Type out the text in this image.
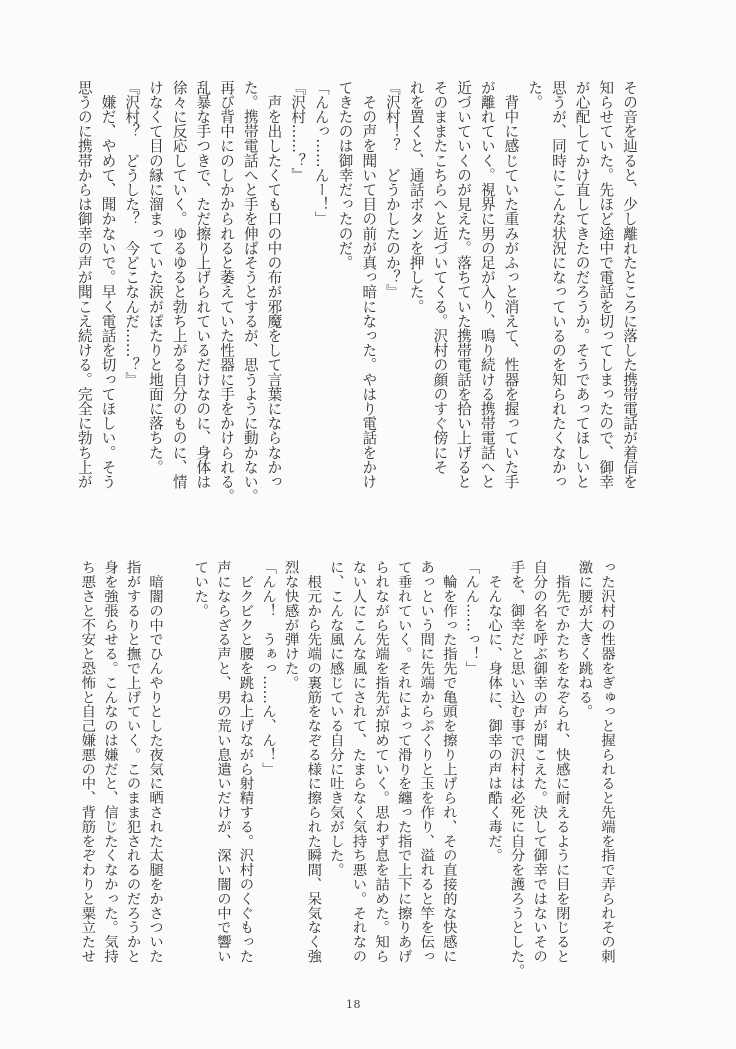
その音を辿ると、少し離れたところに落した携帯電話が着信を
知らせていた。先ほど途中で電話を切ってしまったので、御幸
が心配してかけ直してきたのだろうか。そうであってほしいと
思うが、同時にこんな状況になっているのを知られたくなかっ
た。
　背中に感じていた重みがふっと消えて、性器を握っていた手
が離れていく。視界に男の足が入り、鳴り続ける携帯電話へと
近づいていくのが見えた。落ちていた携帯電話を拾い上げると
そのままたこちらへと近づいてくる。沢村の顔のすぐ傍にそ
れを置くと、通話ボタンを押した。
『沢村！？　どうかしたのか？』
　その声を聞いて目の前が真っ暗になった。やはり電話をかけ
てきたのは御幸だったのだ。
「んんっ……んー！」
『沢村……？』
　声を出したくても口の中の布が邪魔をして言葉にならなかっ
た。携帯電話へと手を伸ばそうとするが、思うように動かない。
再び背中にのしかかられると萎えていた性器に手をかけられる。
乱暴な手つきで、ただ擦り上げられているだけなのに、身体は
徐々に反応していく。ゆるゆると勃ち上がる自分のものに、情
けなくて目の縁に溜まっていた涙がぽたりと地面に落ちた。
『沢村？　どうした？　今どこなんだ……？』
　嫌だ、やめて、聞かないで。早く電話を切ってほしい。そう
思うのに携帯からは御幸の声が聞こえ続ける。完全に勃ち上が
った沢村の性器をぎゅっと握られると先端を指で弄られその刺
激に腰が大きく跳ねる。
　指先でかたちをなぞられ、快感に耐えるように目を閉じると
自分の名を呼ぶ御幸の声が聞こえた。決して御幸ではないその
手を、御幸だと思い込む事で沢村は必死に自分を護ろうとした。
　そんな心に、身体に、御幸の声は酷く毒だ。
「んん……っ！」
　輪を作った指先で亀頭を擦り上げられ、その直接的な快感に
あっという間に先端からぷくりと玉を作り、溢れると竿を伝っ
て垂れていく。それによって滑りを纏った指で上下に擦りあげ
られながら先端を指先が掠めていく。思わず息を詰めた。知ら
ない人にこんな風にされて、たまらなく気持ち悪い。それなの
に、こんな風に感じている自分に吐き気がした。
　根元から先端の裏筋をなぞる様に擦られた瞬間、呆気なく強
烈な快感が弾けた。
「んん！　うぁっ……ん、ん！」
　ビクビクと腰を跳ね上げながら射精する。沢村のくぐもった
声にならざる声と、男の荒い息遣いだけが、深い闇の中で響い
ていた。
　暗闇の中でひんやりとした夜気に晒された太腿をかさついた
指がするりと撫で上げていく。このまま犯されるのだろうかと
身を強張らせる。こんなのは嫌だと、信じたくなかった。気持
ち悪さと不安と恐怖と自己嫌悪の中、背筋をぞわりと粟立たせ
18
